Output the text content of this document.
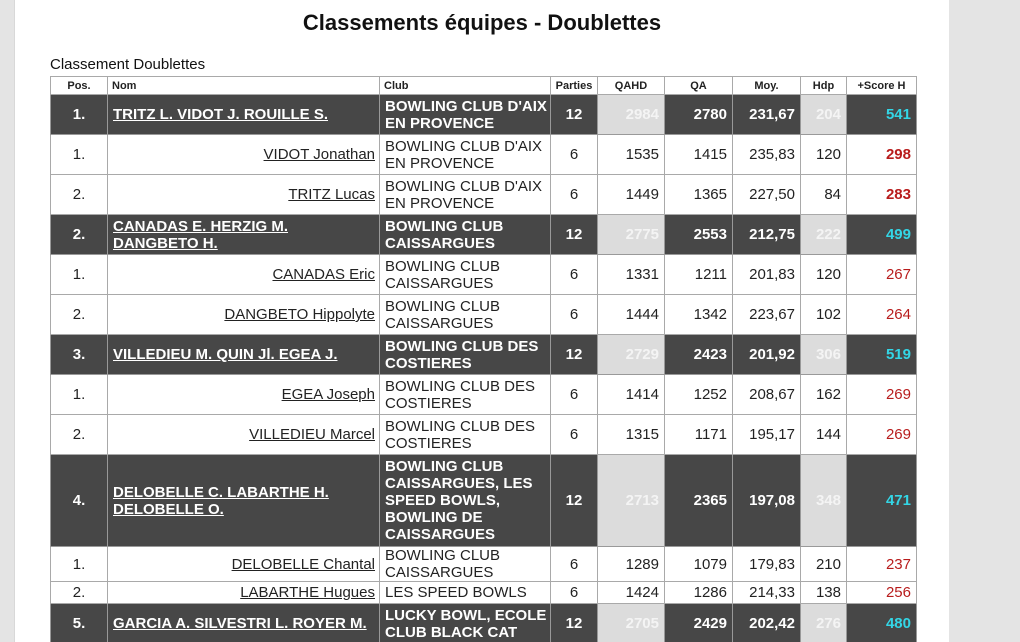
Classements équipes - Doublettes
Classement Doublettes
Pos.	Nom	Club	Parties	QAHD	QA	Moy.	Hdp	+Score H
1.	TRITZ L. VIDOT J. ROUILLE S.	BOWLING CLUB D'AIX EN PROVENCE	12	2984	2780	231,67	204	541
1.	VIDOT Jonathan	BOWLING CLUB D'AIX EN PROVENCE	6	1535	1415	235,83	120	298
2.	TRITZ Lucas	BOWLING CLUB D'AIX EN PROVENCE	6	1449	1365	227,50	84	283
2.	CANADAS E. HERZIG M. DANGBETO H.	BOWLING CLUB CAISSARGUES	12	2775	2553	212,75	222	499
1.	CANADAS Eric	BOWLING CLUB CAISSARGUES	6	1331	1211	201,83	120	267
2.	DANGBETO Hippolyte	BOWLING CLUB CAISSARGUES	6	1444	1342	223,67	102	264
3.	VILLEDIEU M. QUIN Jl. EGEA J.	BOWLING CLUB DES COSTIERES	12	2729	2423	201,92	306	519
1.	EGEA Joseph	BOWLING CLUB DES COSTIERES	6	1414	1252	208,67	162	269
2.	VILLEDIEU Marcel	BOWLING CLUB DES COSTIERES	6	1315	1171	195,17	144	269
4.	DELOBELLE C. LABARTHE H. DELOBELLE O.	BOWLING CLUB CAISSARGUES, LES SPEED BOWLS, BOWLING DE CAISSARGUES	12	2713	2365	197,08	348	471
1.	DELOBELLE Chantal	BOWLING CLUB CAISSARGUES	6	1289	1079	179,83	210	237
2.	LABARTHE Hugues	LES SPEED BOWLS	6	1424	1286	214,33	138	256
5.	GARCIA A. SILVESTRI L. ROYER M.	LUCKY BOWL, ECOLE CLUB BLACK CAT	12	2705	2429	202,42	276	480
